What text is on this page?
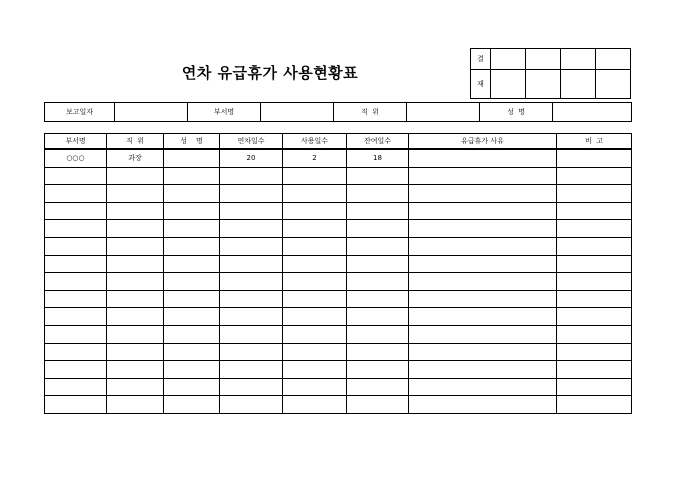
연차 유급휴가 사용현황표
결				
재				
보고일자		부서명		직  위		성  명	
부서명	직  위	성    명	연차일수	사용일수	잔여일수	유급휴가 사유	비  고
○○○	과장		20	2	18		
